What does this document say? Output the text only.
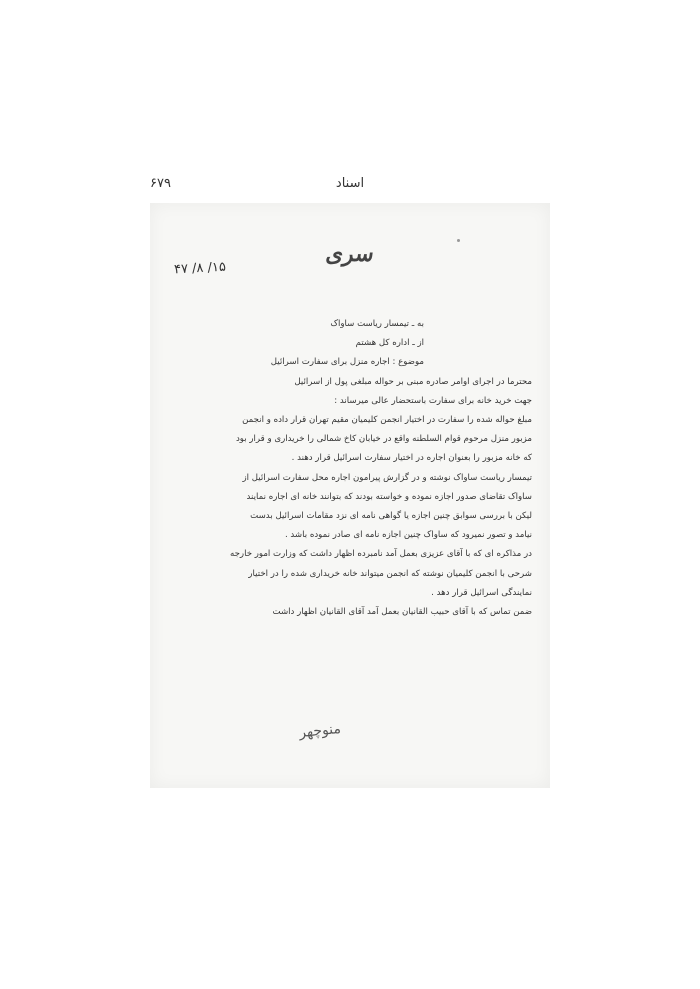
۶۷۹	اسناد
سری
۱۵/ ۸/ ۴۷
به ـ تیمسار ریاست ساواک
از ـ اداره کل هشتم
موضوع : اجاره منزل برای سفارت اسرائیل
محترما در اجرای اوامر صادره مبنی بر حواله مبلغی پول از اسرائیل
جهت خرید خانه برای سفارت باستحضار عالی میرساند :
مبلغ حواله شده را سفارت در اختیار انجمن کلیمیان مقیم تهران قرار داده و انجمن
مزبور منزل مرحوم قوام السلطنه واقع در خیابان کاخ شمالی را خریداری و قرار بود
که خانه مزبور را بعنوان اجاره در اختیار سفارت اسرائیل قرار دهند .
تیمسار ریاست ساواک نوشته و در گزارش پیرامون اجاره محل سفارت اسرائیل از
ساواک تقاضای صدور اجازه نموده و خواسته بودند که بتوانند خانه ای اجاره نمایند
لیکن با بررسی سوابق چنین اجازه یا گواهی نامه ای نزد مقامات اسرائیل بدست
نیامد و تصور نمیرود که ساواک چنین اجازه نامه ای صادر نموده باشد .
در مذاکره ای که با آقای عزیزی بعمل آمد نامبرده اظهار داشت که وزارت امور خارجه
شرحی با انجمن کلیمیان نوشته که انجمن میتواند خانه خریداری شده را در اختیار
نمایندگی اسرائیل قرار دهد .
ضمن تماس که با آقای حبیب القانیان بعمل آمد آقای القانیان اظهار داشت
منوچهر
